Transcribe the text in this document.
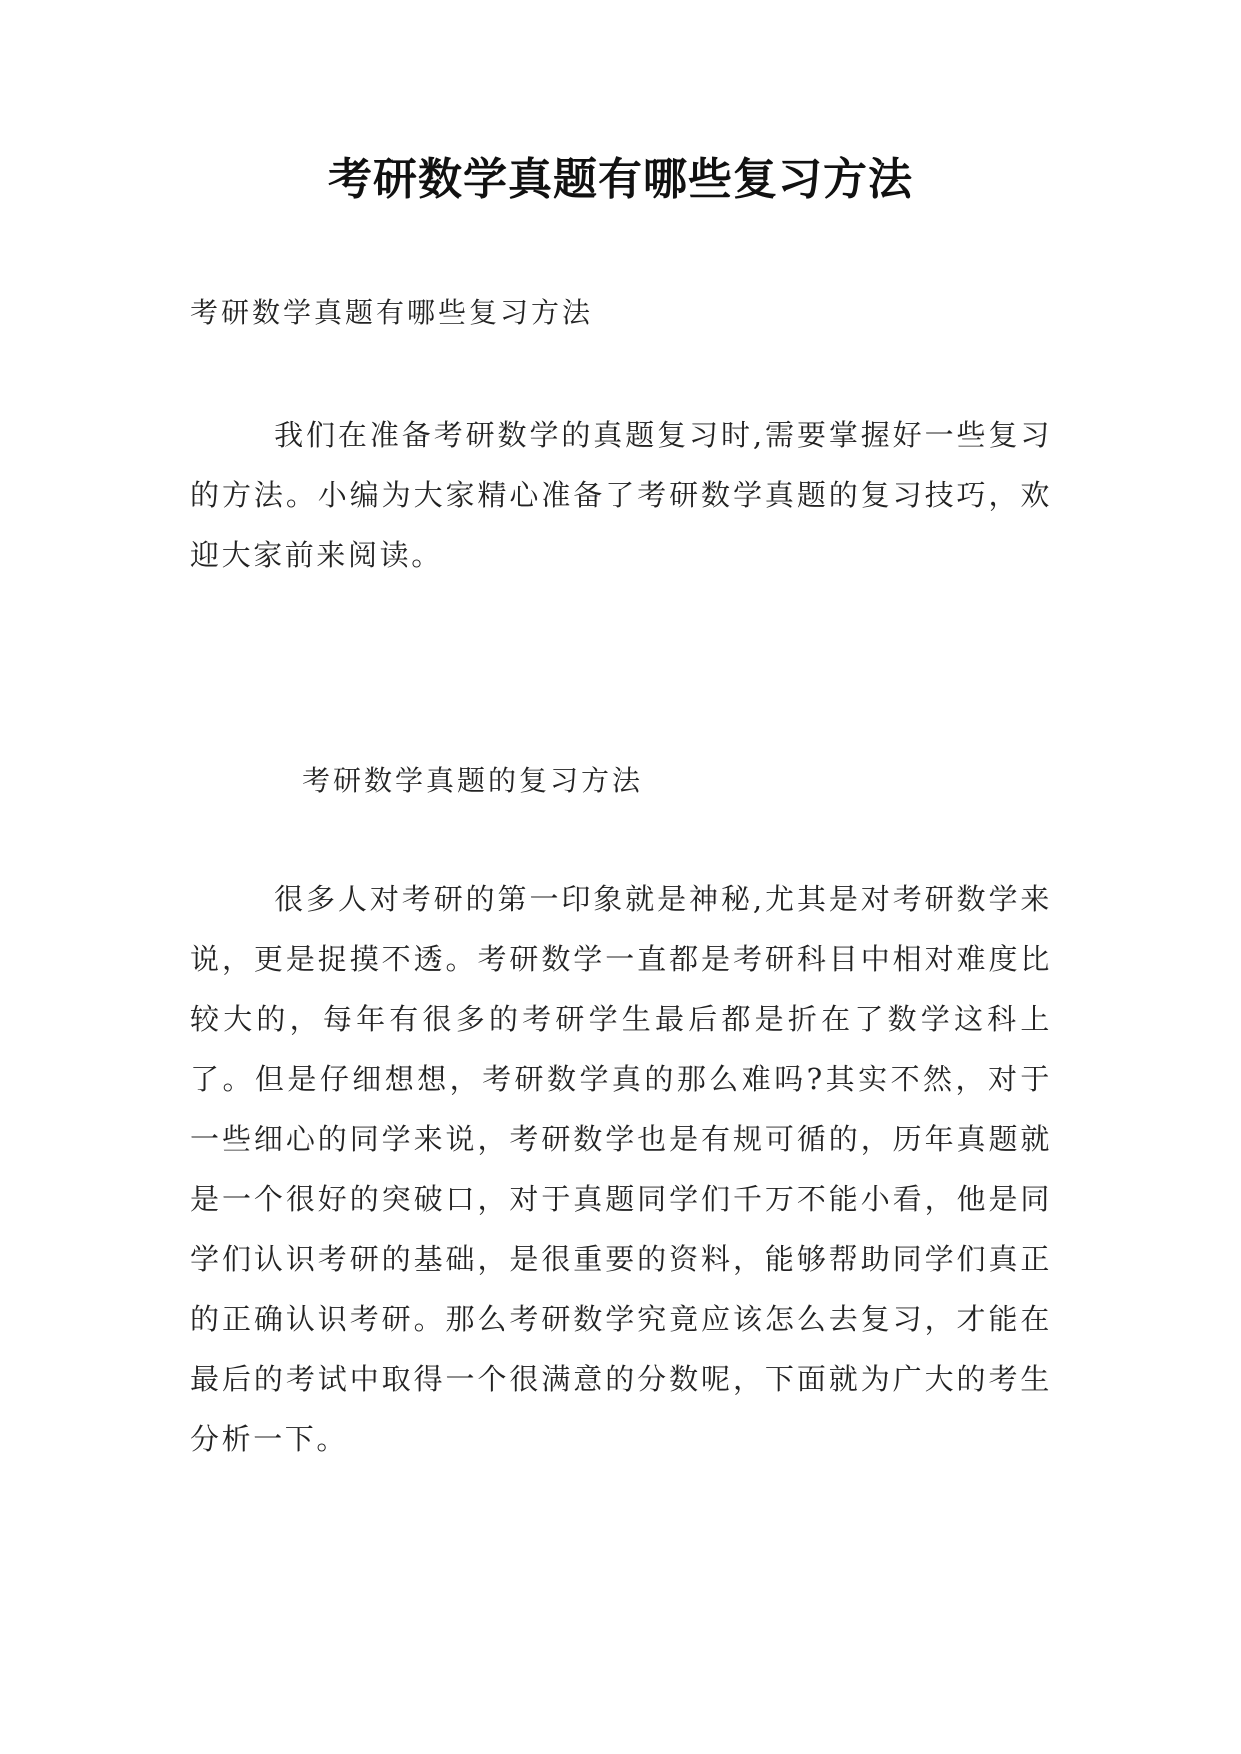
考研数学真题有哪些复习方法
考研数学真题有哪些复习方法

我们在准备考研数学的真题复习时,需要掌握好一些复习的方法。小编为大家精心准备了考研数学真题的复习技巧，欢迎大家前来阅读。

考研数学真题的复习方法

很多人对考研的第一印象就是神秘,尤其是对考研数学来说，更是捉摸不透。考研数学一直都是考研科目中相对难度比较大的，每年有很多的考研学生最后都是折在了数学这科上了。但是仔细想想，考研数学真的那么难吗?其实不然，对于一些细心的同学来说，考研数学也是有规可循的，历年真题就是一个很好的突破口，对于真题同学们千万不能小看，他是同学们认识考研的基础，是很重要的资料，能够帮助同学们真正的正确认识考研。那么考研数学究竟应该怎么去复习，才能在最后的考试中取得一个很满意的分数呢，下面就为广大的考生分析一下。
